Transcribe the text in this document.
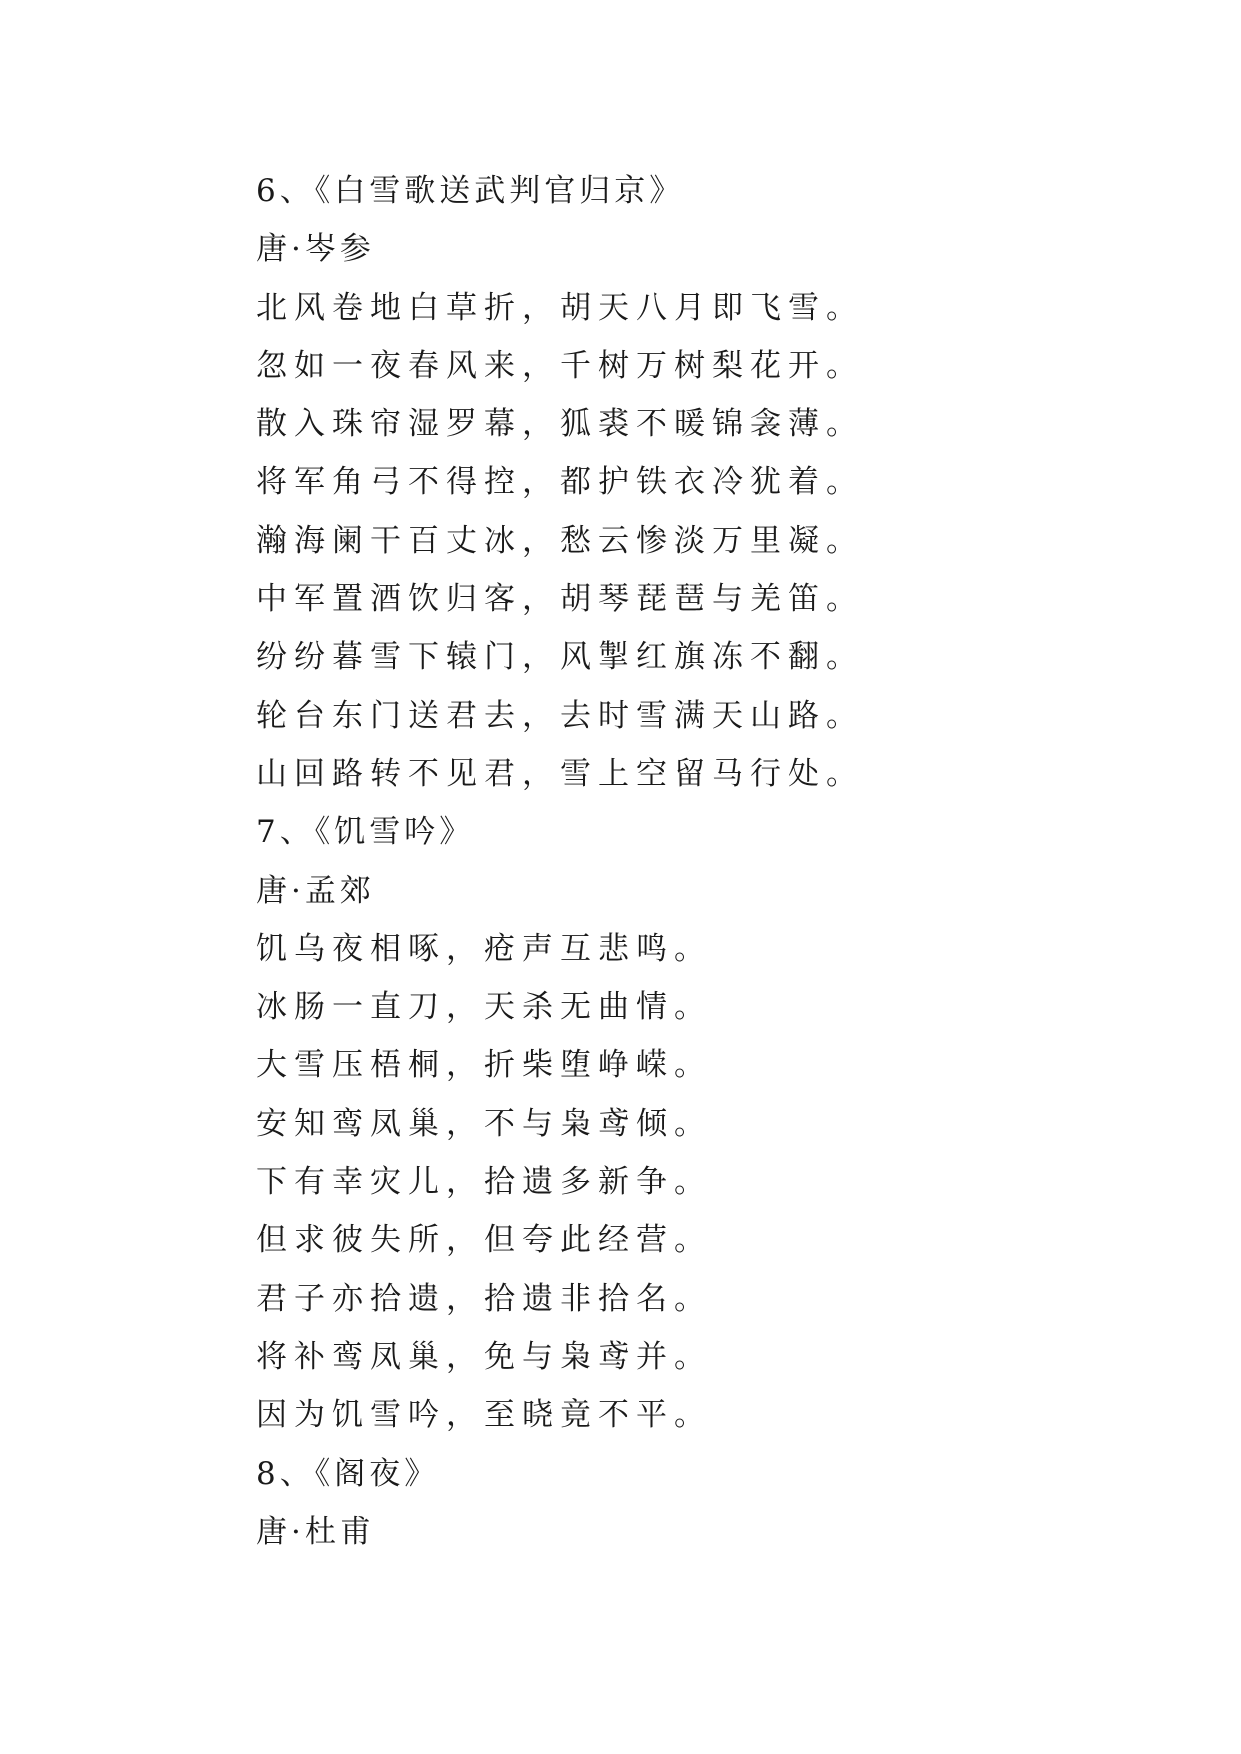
6、《白雪歌送武判官归京》
唐·岑参
北风卷地白草折，胡天八月即飞雪。
忽如一夜春风来，千树万树梨花开。
散入珠帘湿罗幕，狐裘不暖锦衾薄。
将军角弓不得控，都护铁衣冷犹着。
瀚海阑干百丈冰，愁云惨淡万里凝。
中军置酒饮归客，胡琴琵琶与羌笛。
纷纷暮雪下辕门，风掣红旗冻不翻。
轮台东门送君去，去时雪满天山路。
山回路转不见君，雪上空留马行处。
7、《饥雪吟》
唐·孟郊
饥乌夜相啄，疮声互悲鸣。
冰肠一直刀，天杀无曲情。
大雪压梧桐，折柴堕峥嵘。
安知鸾凤巢，不与枭鸢倾。
下有幸灾儿，拾遗多新争。
但求彼失所，但夸此经营。
君子亦拾遗，拾遗非拾名。
将补鸾凤巢，免与枭鸢并。
因为饥雪吟，至晓竟不平。
8、《阁夜》
唐·杜甫
